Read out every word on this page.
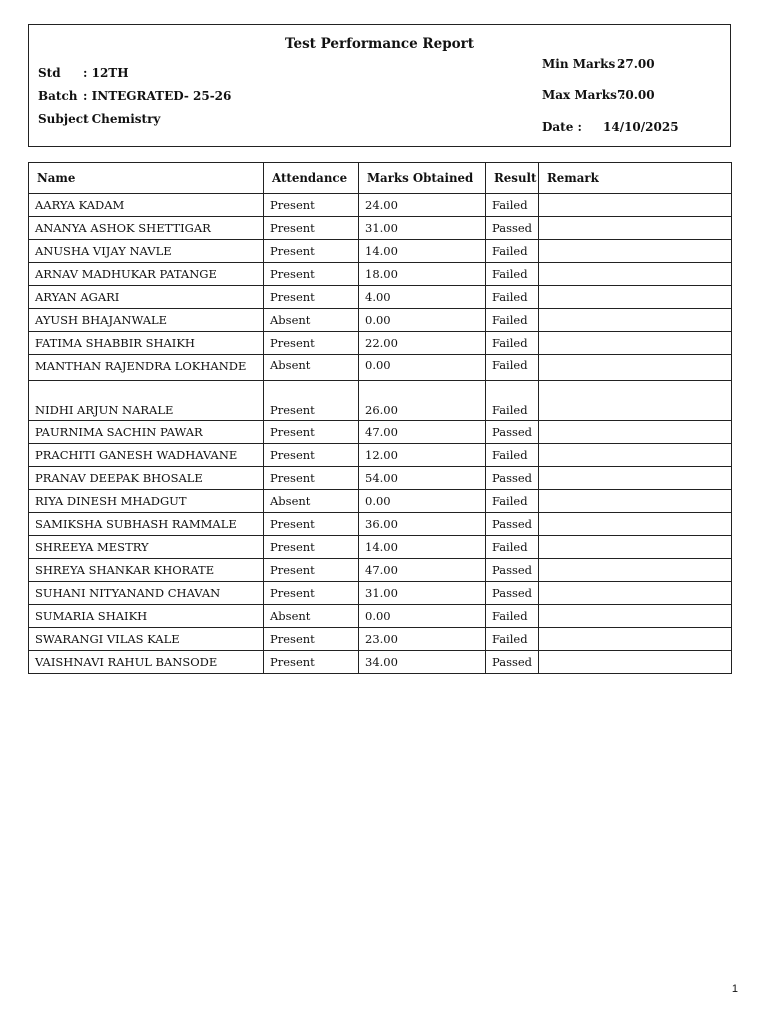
Test Performance Report
Std : 12TH
Batch : INTEGRATED- 25-26
Subject
: Chemistry
Min Marks :
27.00
Max Marks :
70.00
Date : 14/10/2025
Name	Attendance	Marks Obtained	Result	Remark
AARYA KADAM	Present	24.00	Failed	
ANANYA ASHOK SHETTIGAR	Present	31.00	Passed	
ANUSHA VIJAY NAVLE	Present	14.00	Failed	
ARNAV MADHUKAR PATANGE	Present	18.00	Failed	
ARYAN AGARI	Present	4.00	Failed	
AYUSH BHAJANWALE	Absent	0.00	Failed	
FATIMA SHABBIR SHAIKH	Present	22.00	Failed	
MANTHAN RAJENDRA LOKHANDE	Absent	0.00	Failed	
NIDHI ARJUN NARALE	Present	26.00	Failed	
PAURNIMA SACHIN PAWAR	Present	47.00	Passed	
PRACHITI GANESH WADHAVANE	Present	12.00	Failed	
PRANAV DEEPAK BHOSALE	Present	54.00	Passed	
RIYA DINESH MHADGUT	Absent	0.00	Failed	
SAMIKSHA SUBHASH RAMMALE	Present	36.00	Passed	
SHREEYA MESTRY	Present	14.00	Failed	
SHREYA SHANKAR KHORATE	Present	47.00	Passed	
SUHANI NITYANAND CHAVAN	Present	31.00	Passed	
SUMARIA SHAIKH	Absent	0.00	Failed	
SWARANGI VILAS KALE	Present	23.00	Failed	
VAISHNAVI RAHUL BANSODE	Present	34.00	Passed	
1
